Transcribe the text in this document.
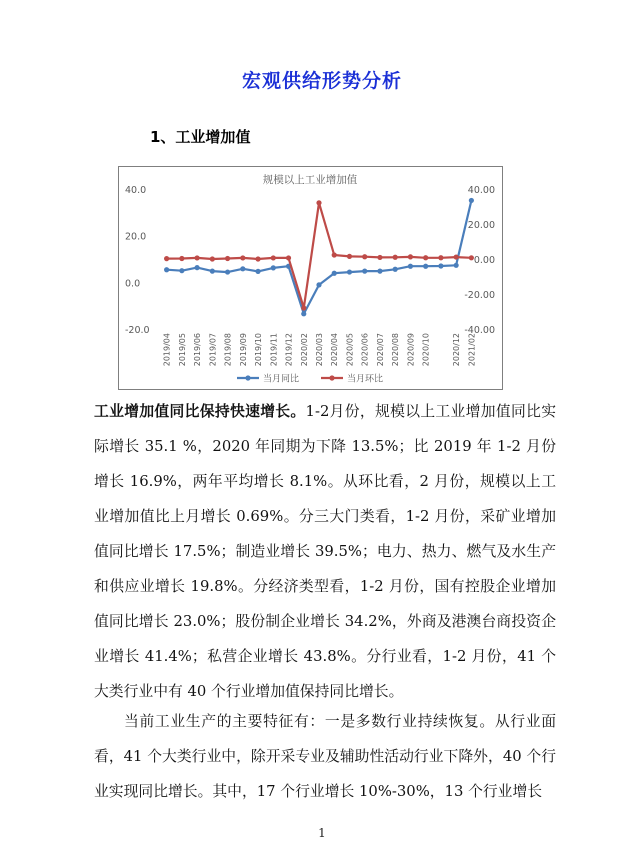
宏观供给形势分析
1、工业增加值
规模以上工业增加值
40.0
20.0
0.0
-20.0
40.00
20.00
0.00
-20.00
-40.00
2019/04 2019/05 2019/06 2019/07 2019/08 2019/09 2019/10 2019/11 2019/12 2020/02 2020/03 2020/04 2020/05 2020/06 2020/07 2020/08 2020/09 2020/10	2020/12 2021/02
当月同比	当月环比
工业增加值同比保持快速增长。1-2月份，规模以上工业增加值同比实际增长 35.1 %，2020 年同期为下降 13.5%；比 2019 年 1-2 月份增长 16.9%，两年平均增长 8.1%。从环比看，2 月份，规模以上工业增加值比上月增长 0.69%。分三大门类看，1-2 月份，采矿业增加值同比增长 17.5%；制造业增长 39.5%；电力、热力、燃气及水生产和供应业增长 19.8%。分经济类型看，1-2 月份，国有控股企业增加值同比增长 23.0%；股份制企业增长 34.2%，外商及港澳台商投资企业增长 41.4%；私营企业增长 43.8%。分行业看，1-2 月份，41 个大类行业中有 40 个行业增加值保持同比增长。
当前工业生产的主要特征有：一是多数行业持续恢复。从行业面看，41 个大类行业中，除开采专业及辅助性活动行业下降外，40 个行业实现同比增长。其中，17 个行业增长 10%-30%，13 个行业增长
1
